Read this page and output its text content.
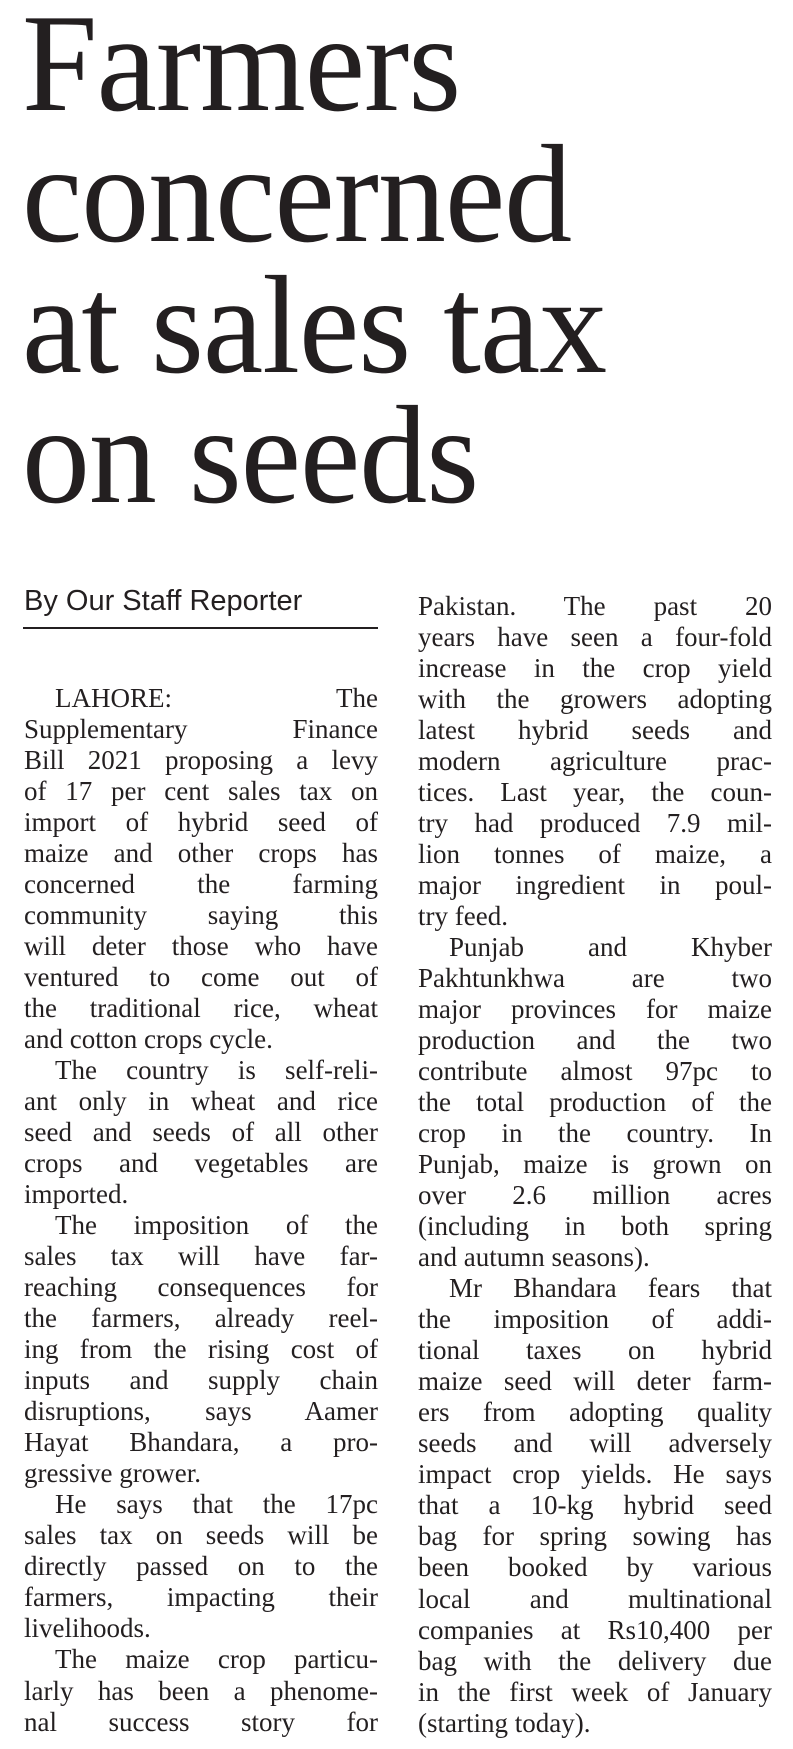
Farmers
concerned
at sales tax
on seeds
By Our Staff Reporter
LAHORE: The
Supplementary Finance
Bill 2021 proposing a levy
of 17 per cent sales tax on
import of hybrid seed of
maize and other crops has
concerned the farming
community saying this
will deter those who have
ventured to come out of
the traditional rice, wheat
and cotton crops cycle.
The country is self-reli-
ant only in wheat and rice
seed and seeds of all other
crops and vegetables are
imported.
The imposition of the
sales tax will have far-
reaching consequences for
the farmers, already reel-
ing from the rising cost of
inputs and supply chain
disruptions, says Aamer
Hayat Bhandara, a pro-
gressive grower.
He says that the 17pc
sales tax on seeds will be
directly passed on to the
farmers, impacting their
livelihoods.
The maize crop particu-
larly has been a phenome-
nal success story for
Pakistan. The past 20
years have seen a four-fold
increase in the crop yield
with the growers adopting
latest hybrid seeds and
modern agriculture prac-
tices. Last year, the coun-
try had produced 7.9 mil-
lion tonnes of maize, a
major ingredient in poul-
try feed.
Punjab and Khyber
Pakhtunkhwa are two
major provinces for maize
production and the two
contribute almost 97pc to
the total production of the
crop in the country. In
Punjab, maize is grown on
over 2.6 million acres
(including in both spring
and autumn seasons).
Mr Bhandara fears that
the imposition of addi-
tional taxes on hybrid
maize seed will deter farm-
ers from adopting quality
seeds and will adversely
impact crop yields. He says
that a 10-kg hybrid seed
bag for spring sowing has
been booked by various
local and multinational
companies at Rs10,400 per
bag with the delivery due
in the first week of January
(starting today).
